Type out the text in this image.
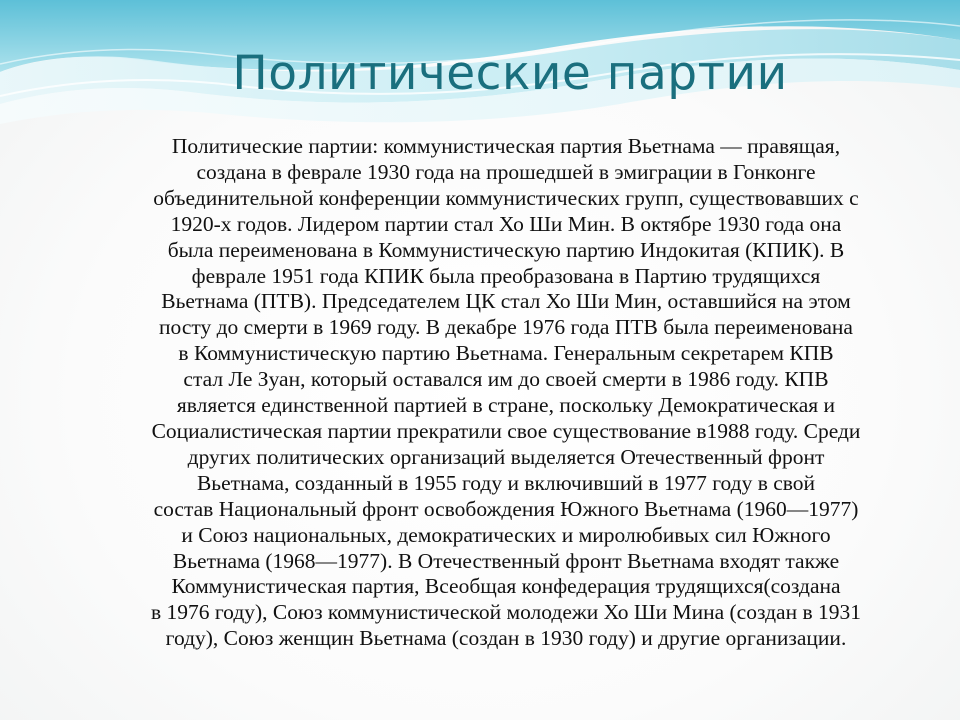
Политические партии
Политические партии: коммунистическая партия Вьетнама — правящая,
создана в феврале 1930 года на прошедшей в эмиграции в Гонконге
объединительной конференции коммунистических групп, существовавших с
1920-х годов. Лидером партии стал Хо Ши Мин. В октябре 1930 года она
была переименована в Коммунистическую партию Индокитая (КПИК). В
феврале 1951 года КПИК была преобразована в Партию трудящихся
Вьетнама (ПТВ). Председателем ЦК стал Хо Ши Мин, оставшийся на этом
посту до смерти в 1969 году. В декабре 1976 года ПТВ была переименована
в Коммунистическую партию Вьетнама. Генеральным секретарем КПВ
стал Ле Зуан, который оставался им до своей смерти в 1986 году. КПВ
является единственной партией в стране, поскольку Демократическая и
Социалистическая партии прекратили свое существование в1988 году. Среди
других политических организаций выделяется Отечественный фронт
Вьетнама, созданный в 1955 году и включивший в 1977 году в свой
состав Национальный фронт освобождения Южного Вьетнама (1960—1977)
и Союз национальных, демократических и миролюбивых сил Южного
Вьетнама (1968—1977). В Отечественный фронт Вьетнама входят также
Коммунистическая партия, Всеобщая конфедерация трудящихся(создана
в 1976 году), Союз коммунистической молодежи Хо Ши Мина (создан в 1931
году), Союз женщин Вьетнама (создан в 1930 году) и другие организации.
